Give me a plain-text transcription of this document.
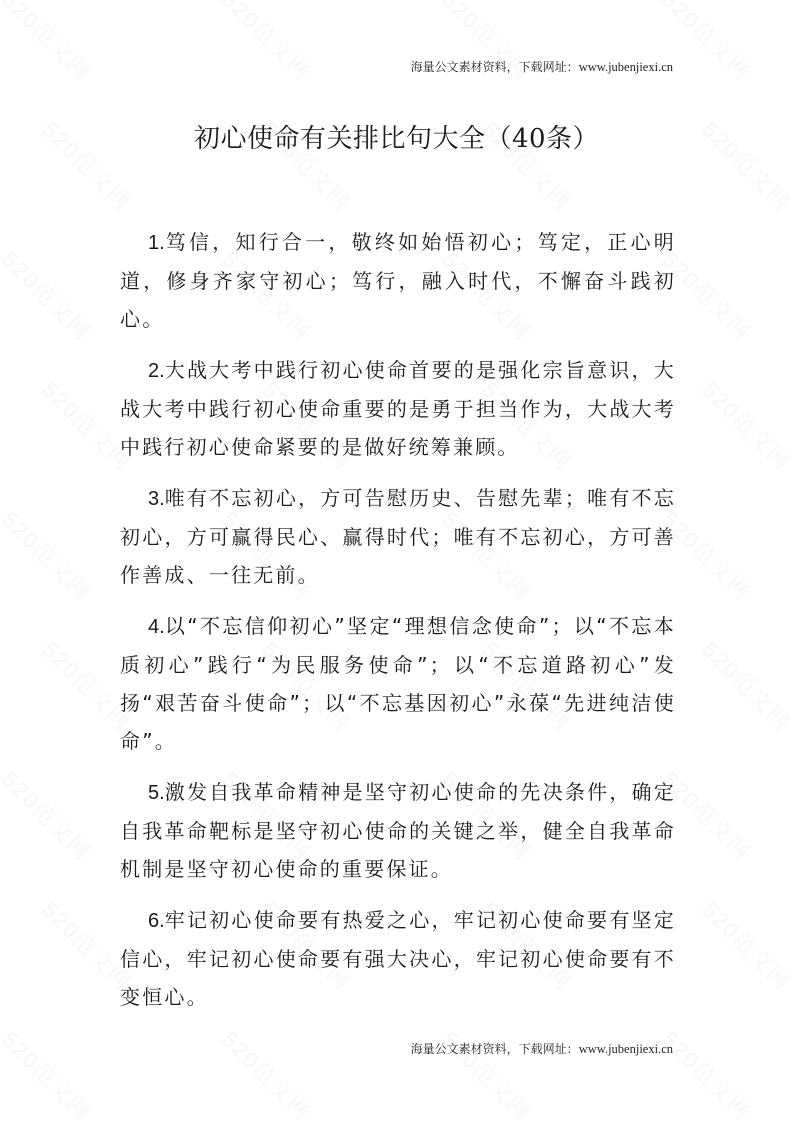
海量公文素材资料，下载网址：www.jubenjiexi.cn
初心使命有关排比句大全（40条）

1.笃信，知行合一，敬终如始悟初心；笃定，正心明道，修身齐家守初心；笃行，融入时代，不懈奋斗践初心。

2.大战大考中践行初心使命首要的是强化宗旨意识，大战大考中践行初心使命重要的是勇于担当作为，大战大考中践行初心使命紧要的是做好统筹兼顾。

3.唯有不忘初心，方可告慰历史、告慰先辈；唯有不忘初心，方可赢得民心、赢得时代；唯有不忘初心，方可善作善成、一往无前。

4.以“不忘信仰初心”坚定“理想信念使命”；以“不忘本质初心”践行“为民服务使命”；以“不忘道路初心”发扬“艰苦奋斗使命”；以“不忘基因初心”永葆“先进纯洁使命”。

5.激发自我革命精神是坚守初心使命的先决条件，确定自我革命靶标是坚守初心使命的关键之举，健全自我革命机制是坚守初心使命的重要保证。

6.牢记初心使命要有热爱之心，牢记初心使命要有坚定信心，牢记初心使命要有强大决心，牢记初心使命要有不变恒心。

海量公文素材资料，下载网址：www.jubenjiexi.cn
